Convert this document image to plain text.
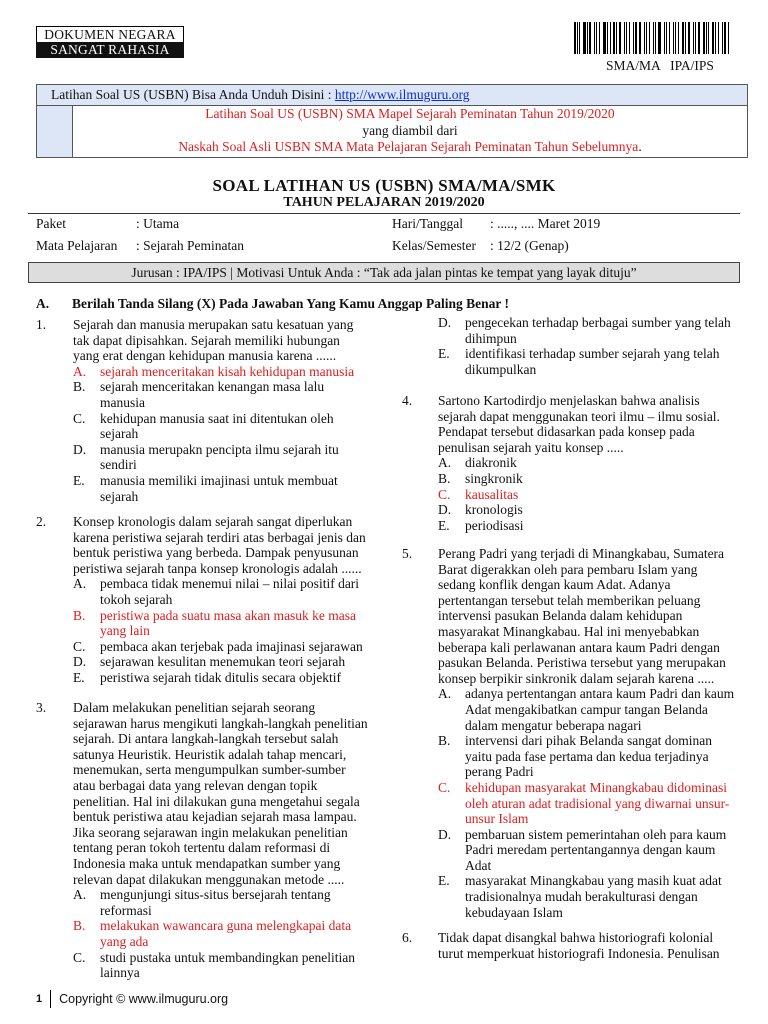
DOKUMEN NEGARA
SANGAT RAHASIA
SMA/MA   IPA/IPS
Latihan Soal US (USBN) Bisa Anda Unduh Disini : http://www.ilmuguru.org
Latihan Soal US (USBN) SMA Mapel Sejarah Peminatan Tahun 2019/2020
yang diambil dari
Naskah Soal Asli USBN SMA Mata Pelajaran Sejarah Peminatan Tahun Sebelumnya.
SOAL LATIHAN US (USBN) SMA/MA/SMK
TAHUN PELAJARAN 2019/2020
Paket	: Utama
Mata Pelajaran : Sejarah Peminatan
Hari/Tanggal : ....., .... Maret 2019
Kelas/Semester : 12/2 (Genap)
Jurusan : IPA/IPS | Motivasi Untuk Anda : “Tak ada jalan pintas ke tempat yang layak dituju”
A. Berilah Tanda Silang (X) Pada Jawaban Yang Kamu Anggap Paling Benar !
1. Sejarah dan manusia merupakan satu kesatuan yang
tak dapat dipisahkan. Sejarah memiliki hubungan
yang erat dengan kehidupan manusia karena ......
A. sejarah menceritakan kisah kehidupan manusia
B. sejarah menceritakan kenangan masa lalu
manusia
C. kehidupan manusia saat ini ditentukan oleh
sejarah
D. manusia merupakn pencipta ilmu sejarah itu
sendiri
E. manusia memiliki imajinasi untuk membuat
sejarah
2. Konsep kronologis dalam sejarah sangat diperlukan
karena peristiwa sejarah terdiri atas berbagai jenis dan
bentuk peristiwa yang berbeda. Dampak penyusunan
peristiwa sejarah tanpa konsep kronologis adalah ......
A. pembaca tidak menemui nilai – nilai positif dari
tokoh sejarah
B. peristiwa pada suatu masa akan masuk ke masa
yang lain
C. pembaca akan terjebak pada imajinasi sejarawan
D. sejarawan kesulitan menemukan teori sejarah
E. peristiwa sejarah tidak ditulis secara objektif
3. Dalam melakukan penelitian sejarah seorang
sejarawan harus mengikuti langkah-langkah penelitian
sejarah. Di antara langkah-langkah tersebut salah
satunya Heuristik. Heuristik adalah tahap mencari,
menemukan, serta mengumpulkan sumber-sumber
atau berbagai data yang relevan dengan topik
penelitian. Hal ini dilakukan guna mengetahui segala
bentuk peristiwa atau kejadian sejarah masa lampau.
Jika seorang sejarawan ingin melakukan penelitian
tentang peran tokoh tertentu dalam reformasi di
Indonesia maka untuk mendapatkan sumber yang
relevan dapat dilakukan menggunakan metode .....
A. mengunjungi situs-situs bersejarah tentang
reformasi
B. melakukan wawancara guna melengkapai data
yang ada
C. studi pustaka untuk membandingkan penelitian
lainnya
D. pengecekan terhadap berbagai sumber yang telah
dihimpun
E. identifikasi terhadap sumber sejarah yang telah
dikumpulkan
4. Sartono Kartodirdjo menjelaskan bahwa analisis
sejarah dapat menggunakan teori ilmu – ilmu sosial.
Pendapat tersebut didasarkan pada konsep pada
penulisan sejarah yaitu konsep .....
A. diakronik
B. singkronik
C. kausalitas
D. kronologis
E. periodisasi
5. Perang Padri yang terjadi di Minangkabau, Sumatera
Barat digerakkan oleh para pembaru Islam yang
sedang konflik dengan kaum Adat. Adanya
pertentangan tersebut telah memberikan peluang
intervensi pasukan Belanda dalam kehidupan
masyarakat Minangkabau. Hal ini menyebabkan
beberapa kali perlawanan antara kaum Padri dengan
pasukan Belanda. Peristiwa tersebut yang merupakan
konsep berpikir sinkronik dalam sejarah karena .....
A. adanya pertentangan antara kaum Padri dan kaum
Adat mengakibatkan campur tangan Belanda
dalam mengatur beberapa nagari
B. intervensi dari pihak Belanda sangat dominan
yaitu pada fase pertama dan kedua terjadinya
perang Padri
C. kehidupan masyarakat Minangkabau didominasi
oleh aturan adat tradisional yang diwarnai unsur-
unsur Islam
D. pembaruan sistem pemerintahan oleh para kaum
Padri meredam pertentangannya dengan kaum
Adat
E. masyarakat Minangkabau yang masih kuat adat
tradisionalnya mudah berakulturasi dengan
kebudayaan Islam
6. Tidak dapat disangkal bahwa historiografi kolonial
turut memperkuat historiografi Indonesia. Penulisan
1 Copyright © www.ilmuguru.org
